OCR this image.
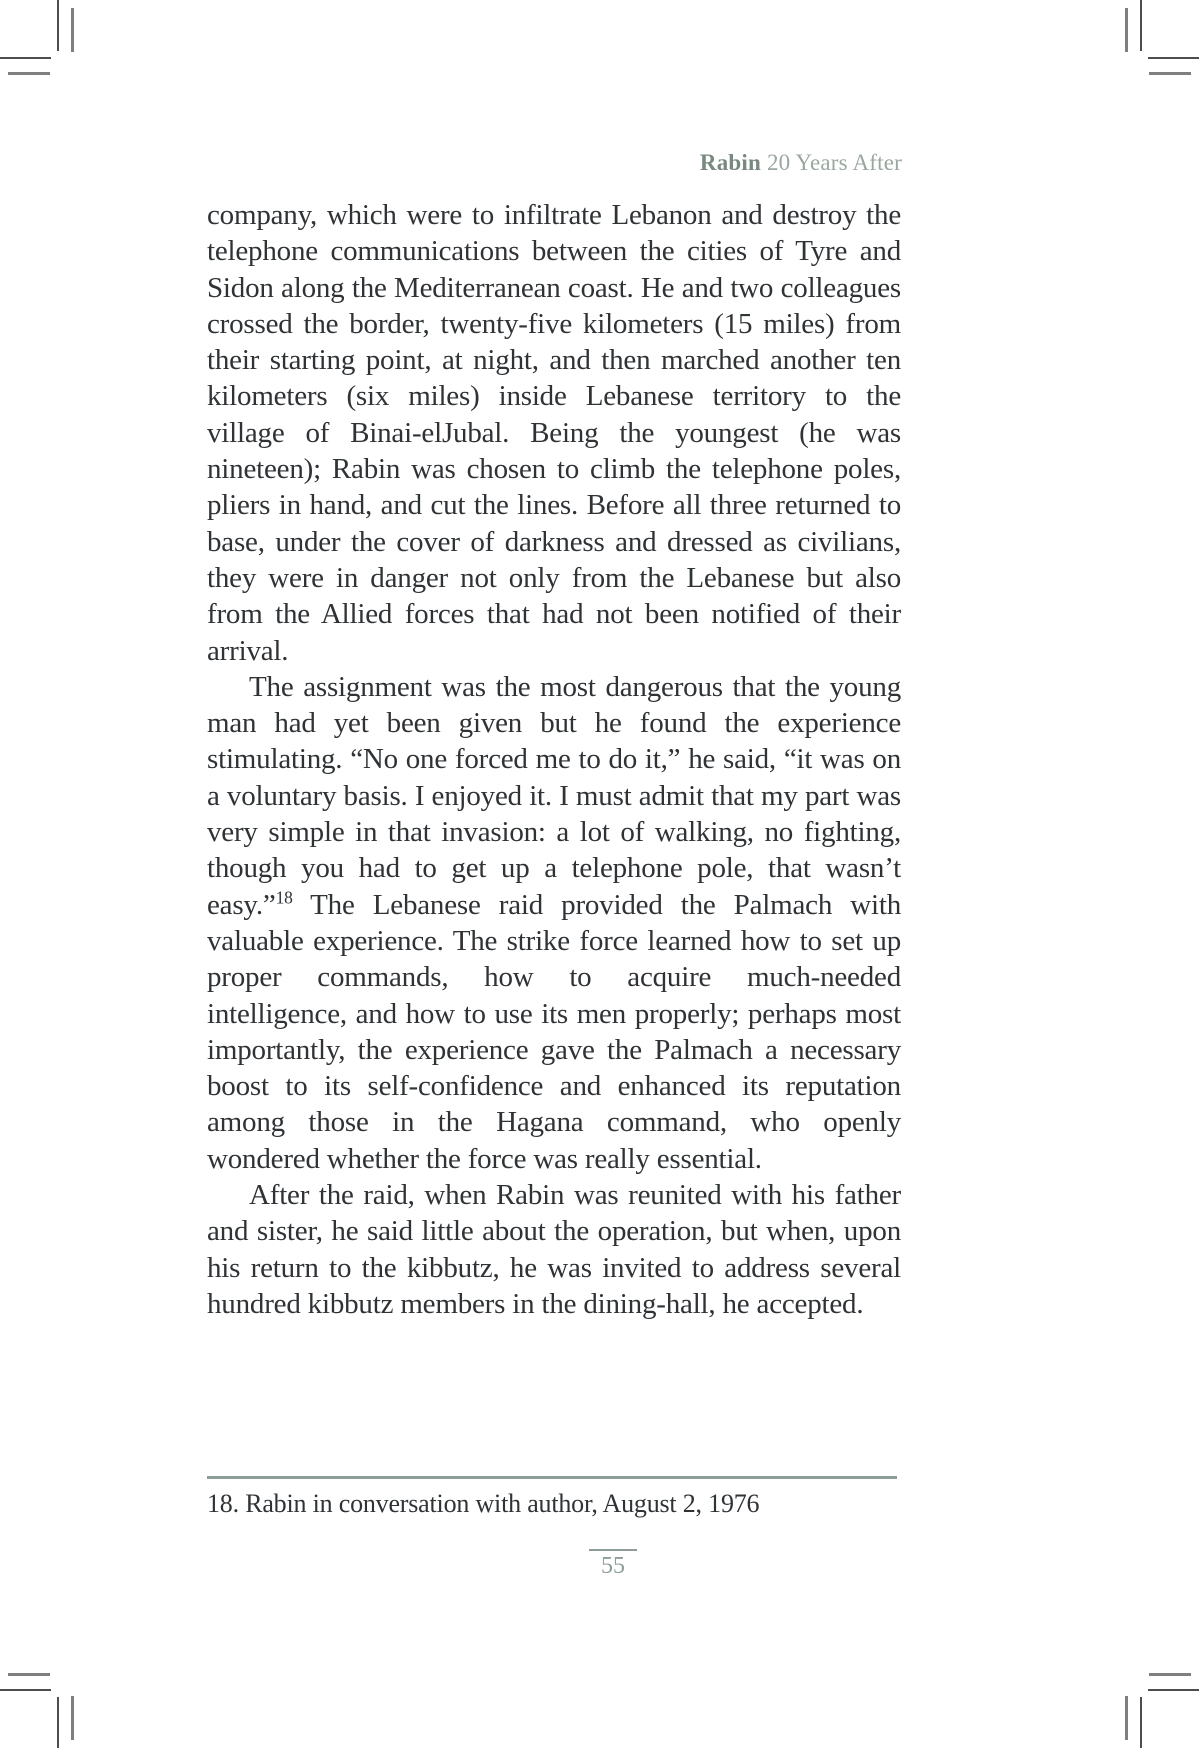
Rabin 20 Years After

company, which were to infiltrate Lebanon and destroy the telephone communications between the cities of Tyre and Sidon along the Mediterranean coast. He and two colleagues crossed the border, twenty-five kilometers (15 miles) from their starting point, at night, and then marched another ten kilometers (six miles) inside Lebanese territory to the village of Binai-elJubal. Being the youngest (he was nineteen); Rabin was chosen to climb the telephone poles, pliers in hand, and cut the lines. Before all three returned to base, under the cover of darkness and dressed as civilians, they were in danger not only from the Lebanese but also from the Allied forces that had not been notified of their arrival.

The assignment was the most dangerous that the young man had yet been given but he found the experience stimulating. “No one forced me to do it,” he said, “it was on a voluntary basis. I enjoyed it. I must admit that my part was very simple in that invasion: a lot of walking, no fighting, though you had to get up a telephone pole, that wasn’t easy.”$^{18}$ The Lebanese raid provided the Palmach with valuable experience. The strike force learned how to set up proper commands, how to acquire much-needed intelligence, and how to use its men properly; perhaps most importantly, the experience gave the Palmach a necessary boost to its self-confidence and enhanced its reputation among those in the Hagana command, who openly wondered whether the force was really essential.

After the raid, when Rabin was reunited with his father and sister, he said little about the operation, but when, upon his return to the kibbutz, he was invited to address several hundred kibbutz members in the dining-hall, he accepted.

18. Rabin in conversation with author, August 2, 1976
55
